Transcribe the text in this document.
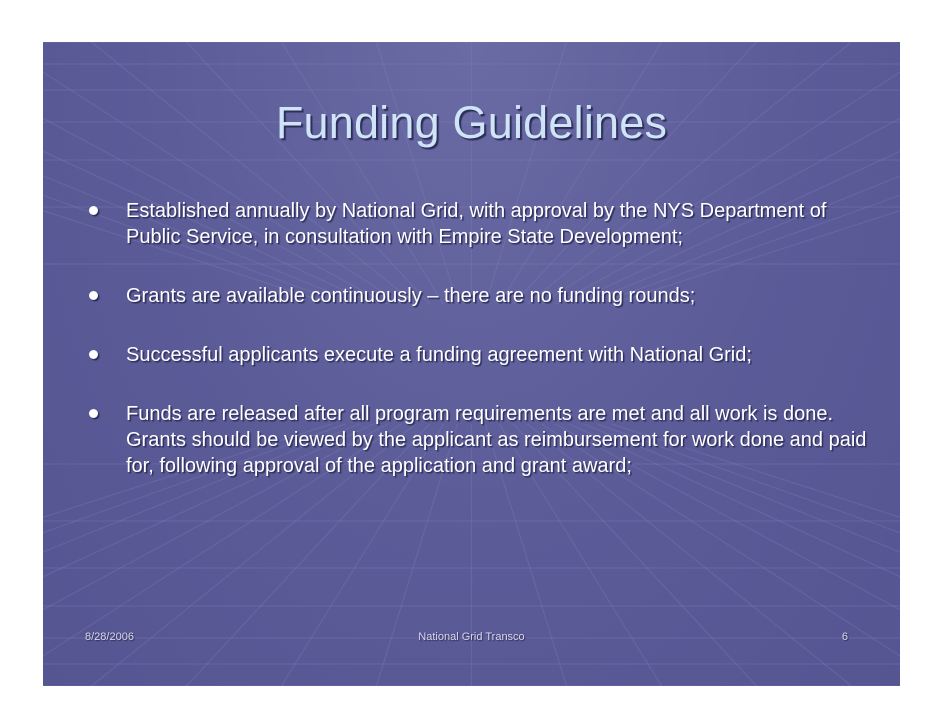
Funding Guidelines
Established annually by National Grid, with approval by the NYS Department of Public Service, in consultation with Empire State Development;
Grants are available continuously – there are no funding rounds;
Successful applicants execute a funding agreement with National Grid;
Funds are released after all program requirements are met and all work is done. Grants should be viewed by the applicant as reimbursement for work done and paid for, following approval of the application and grant award;
8/28/2006	National Grid Transco	6
